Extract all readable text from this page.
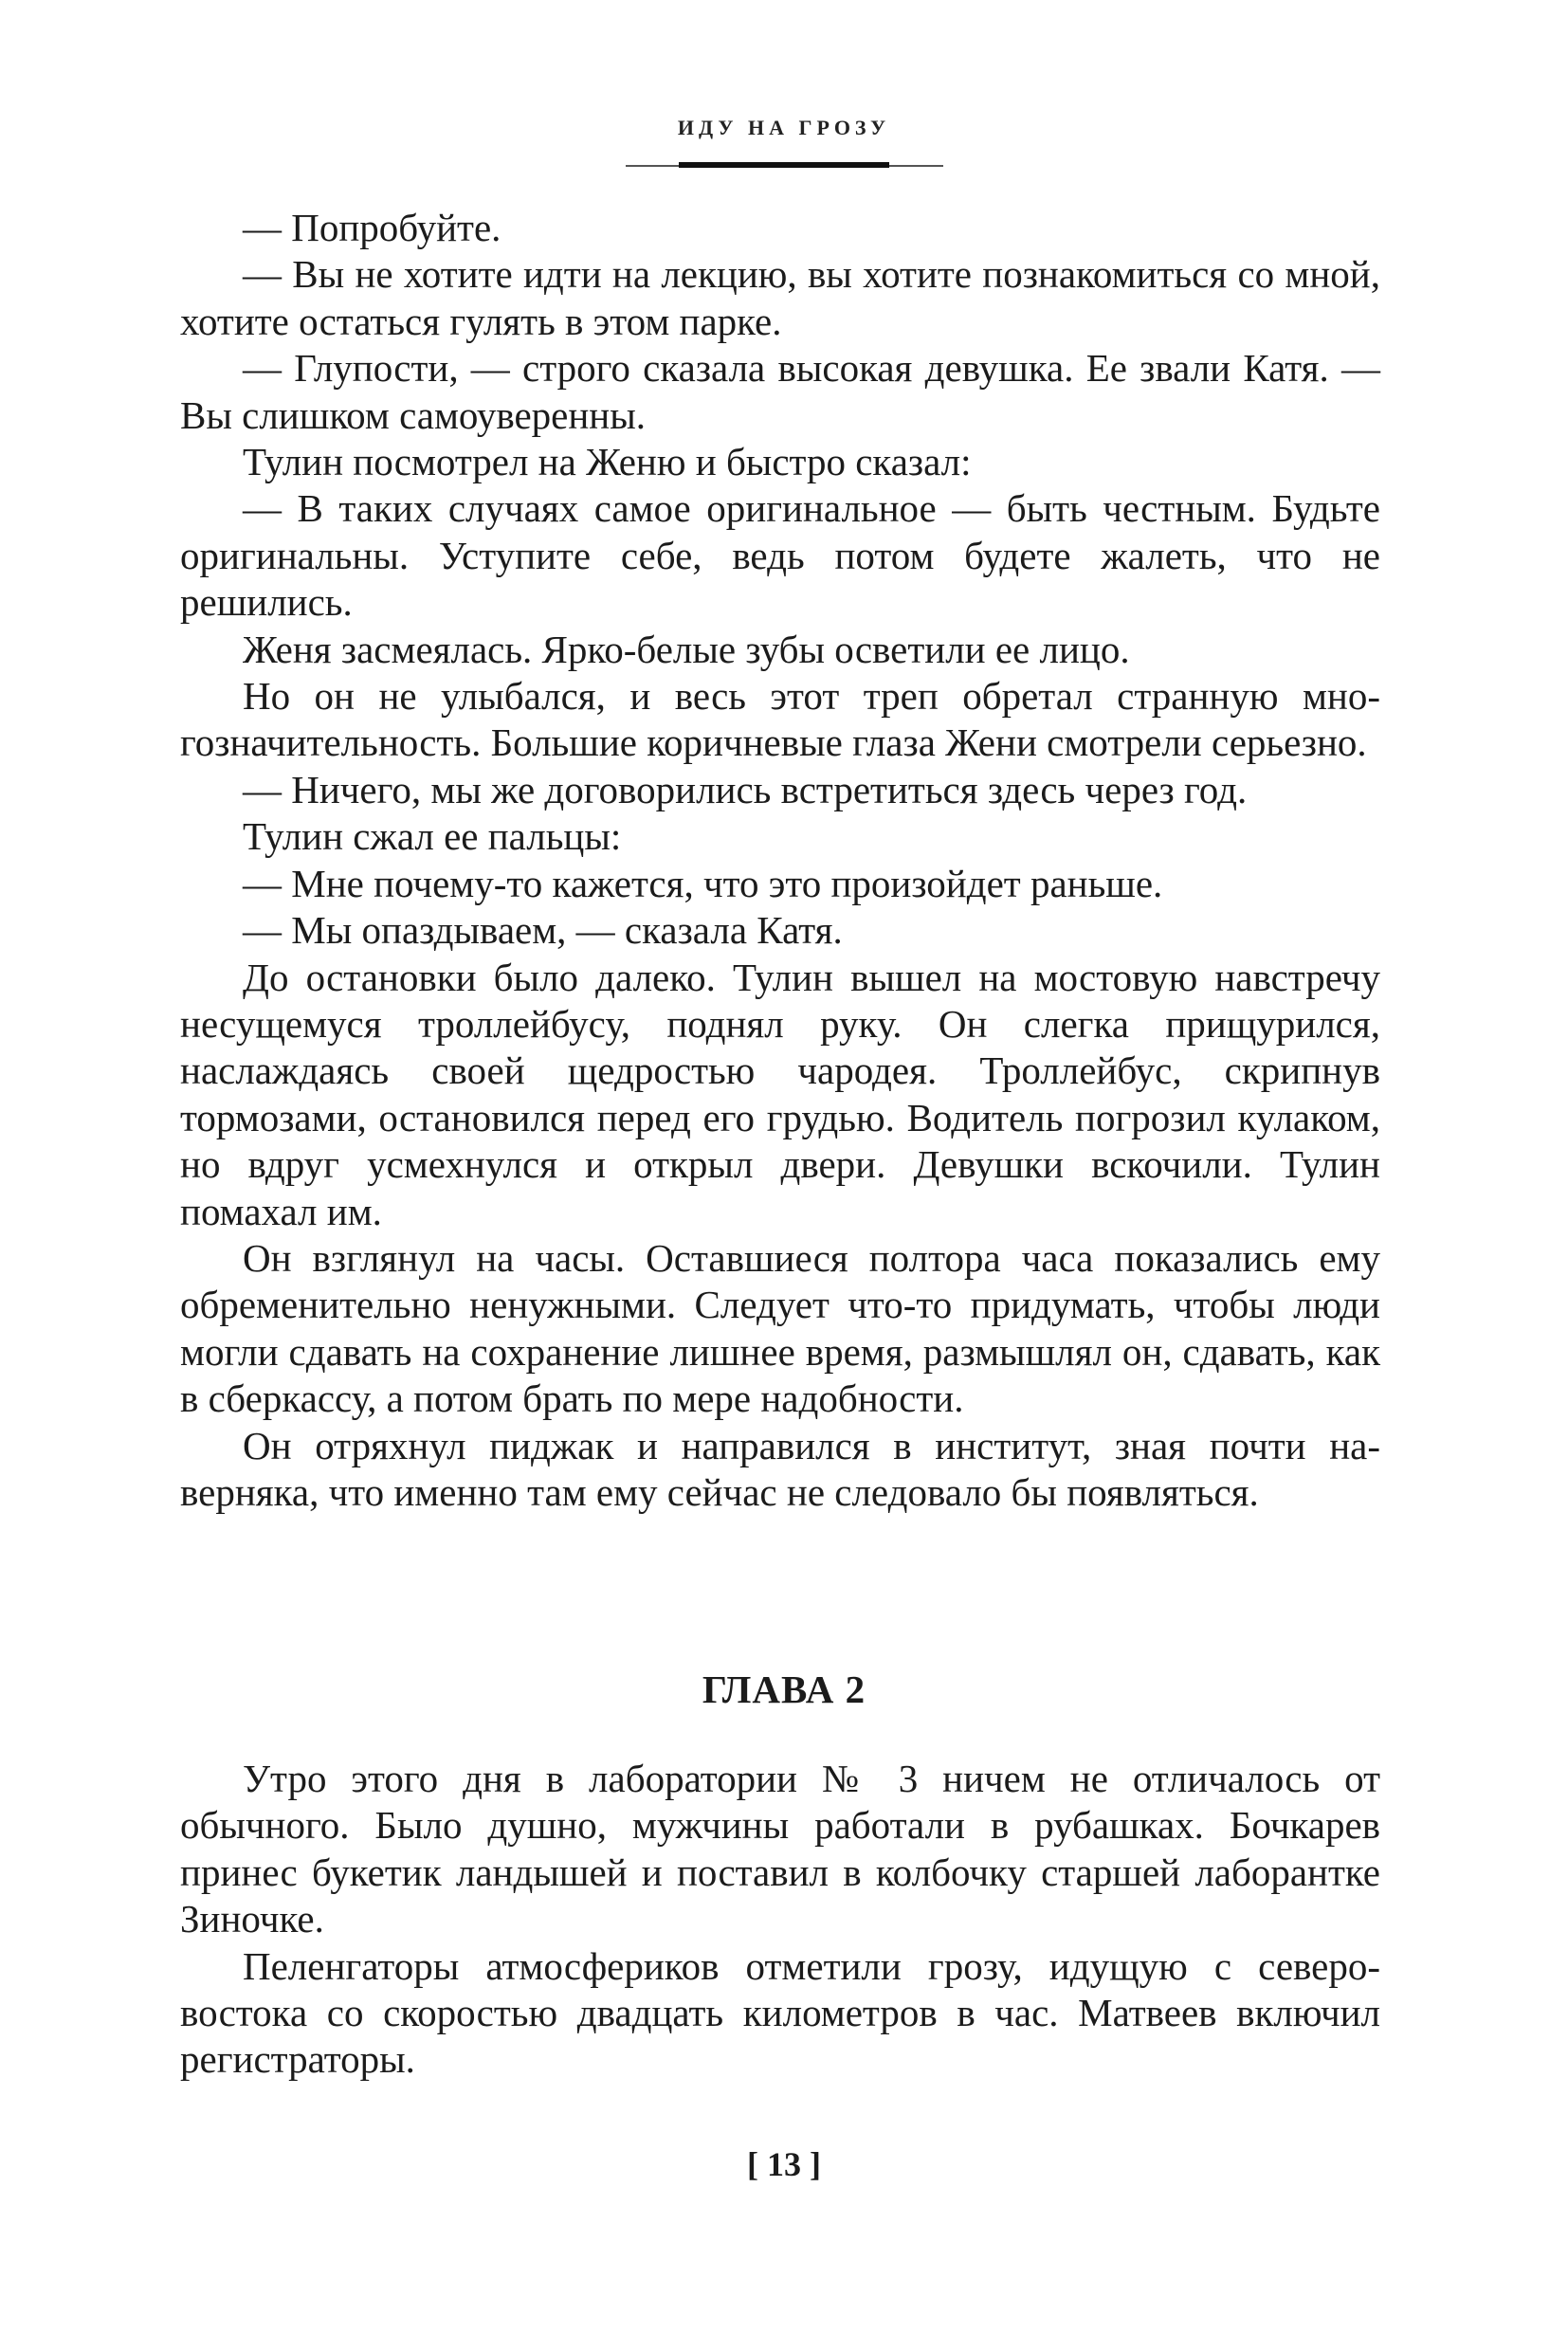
ИДУ НА ГРОЗУ

— Попробуйте.

— Вы не хотите идти на лекцию, вы хотите познакомиться со мной, хотите остаться гулять в этом парке.

— Глупости, — строго сказала высокая девушка. Ее звали Катя. — Вы слишком самоуверенны.

Тулин посмотрел на Женю и быстро сказал:

— В таких случаях самое оригинальное — быть честным. Будьте оригинальны. Уступите себе, ведь потом будете жалеть, что не решились.

Женя засмеялась. Ярко-белые зубы осветили ее лицо.

Но он не улыбался, и весь этот треп обретал странную многозначительность. Большие коричневые глаза Жени смотрели серьезно.

— Ничего, мы же договорились встретиться здесь через год.

Тулин сжал ее пальцы:

— Мне почему-то кажется, что это произойдет раньше.

— Мы опаздываем, — сказала Катя.

До остановки было далеко. Тулин вышел на мостовую навстречу несущемуся троллейбусу, поднял руку. Он слегка прищурился, наслаждаясь своей щедростью чародея. Троллейбус, скрипнув тормозами, остановился перед его грудью. Водитель погрозил кулаком, но вдруг усмехнулся и открыл двери. Девушки вскочили. Тулин помахал им.

Он взглянул на часы. Оставшиеся полтора часа показались ему обременительно ненужными. Следует что-то придумать, чтобы люди могли сдавать на сохранение лишнее время, размышлял он, сдавать, как в сберкассу, а потом брать по мере надобности.

Он отряхнул пиджак и направился в институт, зная почти наверняка, что именно там ему сейчас не следовало бы появляться.

ГЛАВА 2

Утро этого дня в лаборатории № 3 ничем не отличалось от обычного. Было душно, мужчины работали в рубашках. Бочкарев принес букетик ландышей и поставил в колбочку старшей лаборантке Зиночке.

Пеленгаторы атмосфериков отметили грозу, идущую с северо-востока со скоростью двадцать километров в час. Матвеев включил регистраторы.

[ 13 ]
